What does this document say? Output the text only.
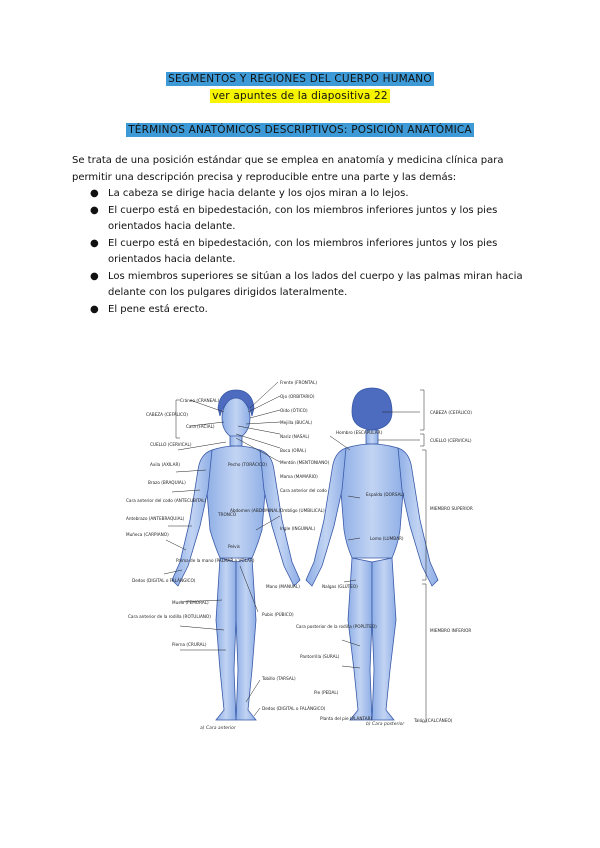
SEGMENTOS Y REGIONES DEL CUERPO HUMANO
ver apuntes de la diapositiva 22
TÉRMINOS ANATÓMICOS DESCRIPTIVOS: POSICIÓN ANATÓMICA
Se trata de una posición estándar que se emplea en anatomía y medicina clínica para permitir una descripción precisa y reproducible entre una parte y las demás:
● La cabeza se dirige hacia delante y los ojos miran a lo lejos.
● El cuerpo está en bipedestación, con los miembros inferiores juntos y los pies orientados hacia delante.
● El cuerpo está en bipedestación, con los miembros inferiores juntos y los pies orientados hacia delante.
● Los miembros superiores se sitúan a los lados del cuerpo y las palmas miran hacia delante con los pulgares dirigidos lateralmente.
● El pene está erecto.
FIGURA 1.5 Posición anatómica. Se indican los nombres regionales y los términos anatómicos, entre paréntesis, de muchas de las regiones del cuerpo. Por ejemplo, el pecho es la región torácica.
Cráneo (CRANEAL)
Cara (FACIAL)
CABEZA (CEFÁLICO)
CUELLO (CERVICAL)
Axila (AXILAR)
Brazo (BRAQUIAL)
Cara anterior del codo (ANTECUBITAL)
Antebrazo (ANTEBRAQUIAL)
Muñeca (CARPIANO)
Palma de la mano (PALMAR o VOLAR)
Dedos (DIGITAL o FALÁNGICO)
Muslo (FEMORAL)
Cara anterior de la rodilla (ROTULIANO)
Pierna (CRURAL)
Frente (FRONTAL)
Ojo (ORBITARIO)
Oído (ÓTICO)
Mejilla (BUCAL)
Nariz (NASAL)
Boca (ORAL)
Mentón (MENTONIANO)
Mama (MAMARIO)
Cara anterior del codo
Ombligo (UMBILICAL)
Abdomen (ABDOMINAL)
Ingle (INGUINAL)
Mano (MANUAL)
Pubis (PÚBICO)
Tobillo (TARSAL)
Dedos (DIGITAL o FALÁNGICO)
Pecho (TORÁCICO)
TRONCO
Pelvis
Hombro (ESCAPULAR)
Espalda (DORSAL)
Lomo (LUMBAR)
Nalgas (GLÚTEO)
Cara posterior de la rodilla (POPLÍTEO)
Pantorrilla (SURAL)
Planta del pie (PLANTAR)
Pie (PEDAL)
CABEZA (CEFÁLICO)
CUELLO (CERVICAL)
MIEMBRO SUPERIOR
MIEMBRO INFERIOR
Talón (CALCÁNEO)
a) Cara anterior
b) Cara posterior
